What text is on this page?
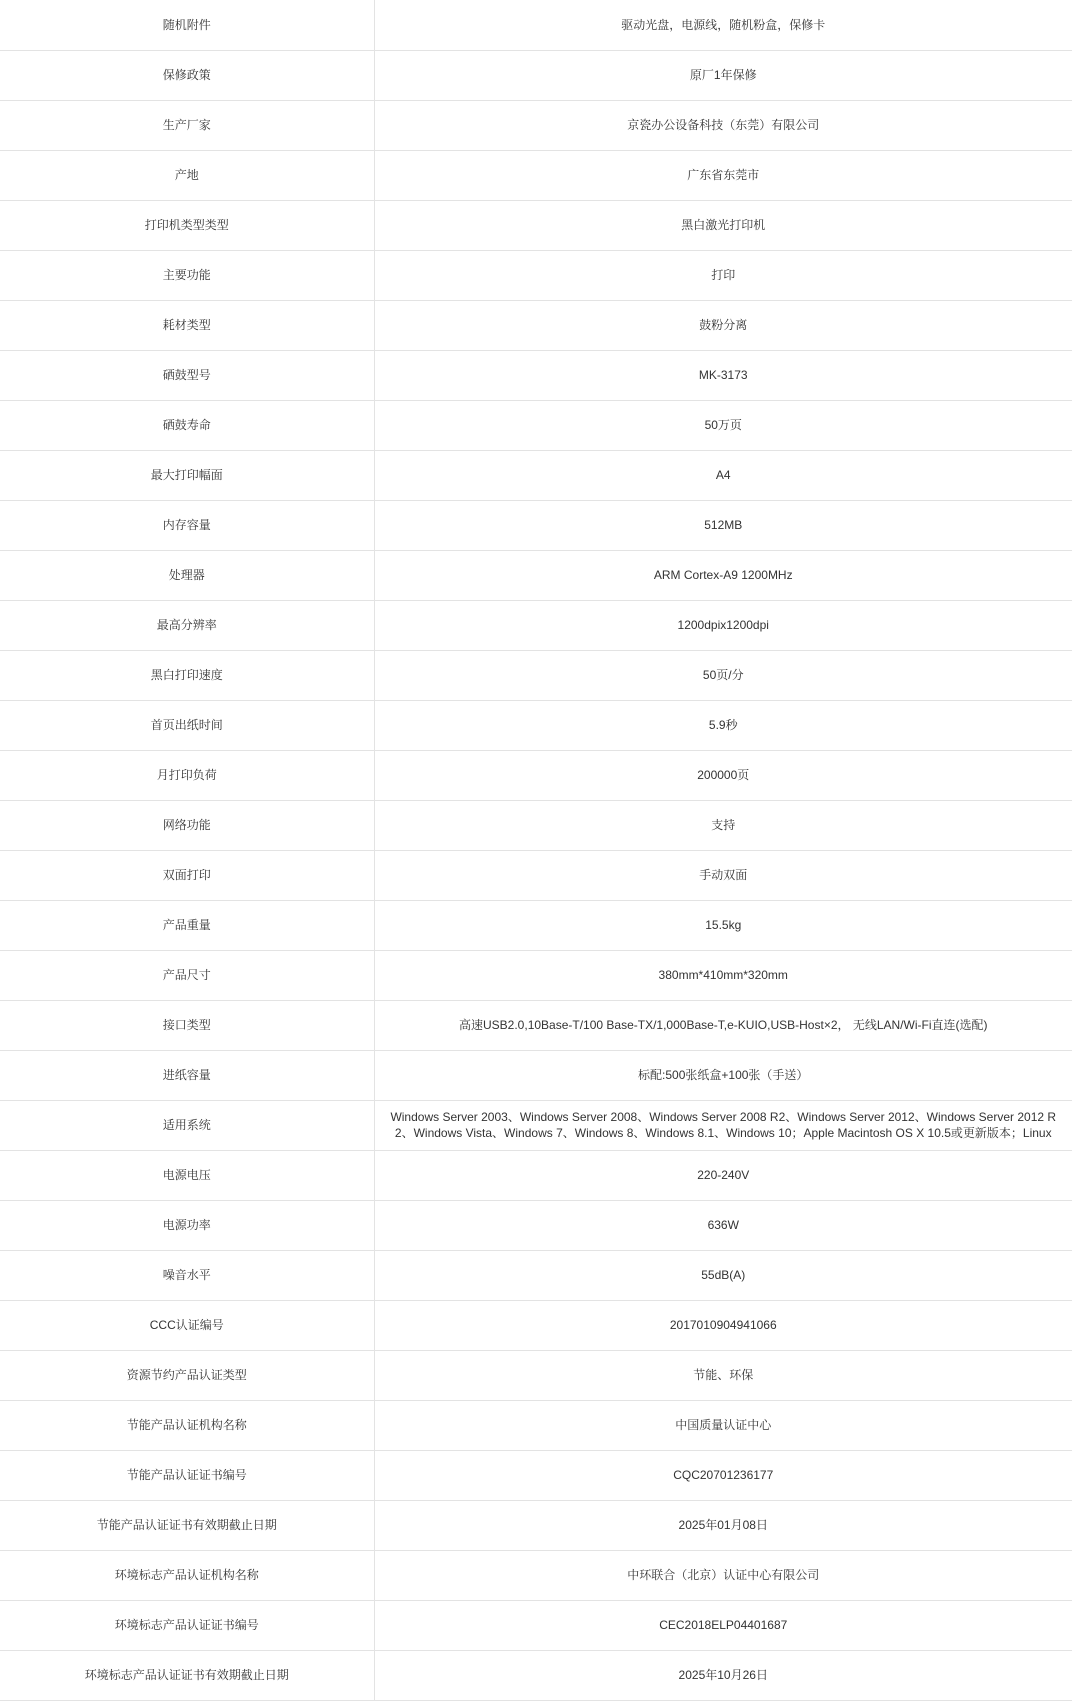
随机附件	驱动光盘，电源线，随机粉盒，保修卡

保修政策	原厂1年保修

生产厂家	京瓷办公设备科技（东莞）有限公司

产地	广东省东莞市

打印机类型类型	黑白激光打印机

主要功能	打印

耗材类型	鼓粉分离

硒鼓型号	MK-3173

硒鼓寿命	50万页

最大打印幅面	A4

内存容量	512MB

处理器	ARM Cortex-A9 1200MHz

最高分辨率	1200dpix1200dpi

黑白打印速度	50页/分

首页出纸时间	5.9秒

月打印负荷	200000页

网络功能	支持

双面打印	手动双面

产品重量	15.5kg

产品尺寸	380mm*410mm*320mm

接口类型	高速USB2.0,10Base-T/100 Base-TX/1,000Base-T,e-KUIO,USB-Host×2， 无线LAN/Wi-Fi直连(选配)

进纸容量	标配:500张纸盒+100张（手送）

适用系统	Windows Server 2003、Windows Server 2008、Windows Server 2008 R2、Windows Server 2012、Windows Server 2012 R2、Windows Vista、Windows 7、Windows 8、Windows 8.1、Windows 10；Apple Macintosh OS X 10.5或更新版本；Linux

电源电压	220-240V

电源功率	636W

噪音水平	55dB(A)

CCC认证编号	2017010904941066

资源节约产品认证类型	节能、环保

节能产品认证机构名称	中国质量认证中心

节能产品认证证书编号	CQC20701236177

节能产品认证证书有效期截止日期	2025年01月08日

环境标志产品认证机构名称	中环联合（北京）认证中心有限公司

环境标志产品认证证书编号	CEC2018ELP04401687

环境标志产品认证证书有效期截止日期	2025年10月26日
